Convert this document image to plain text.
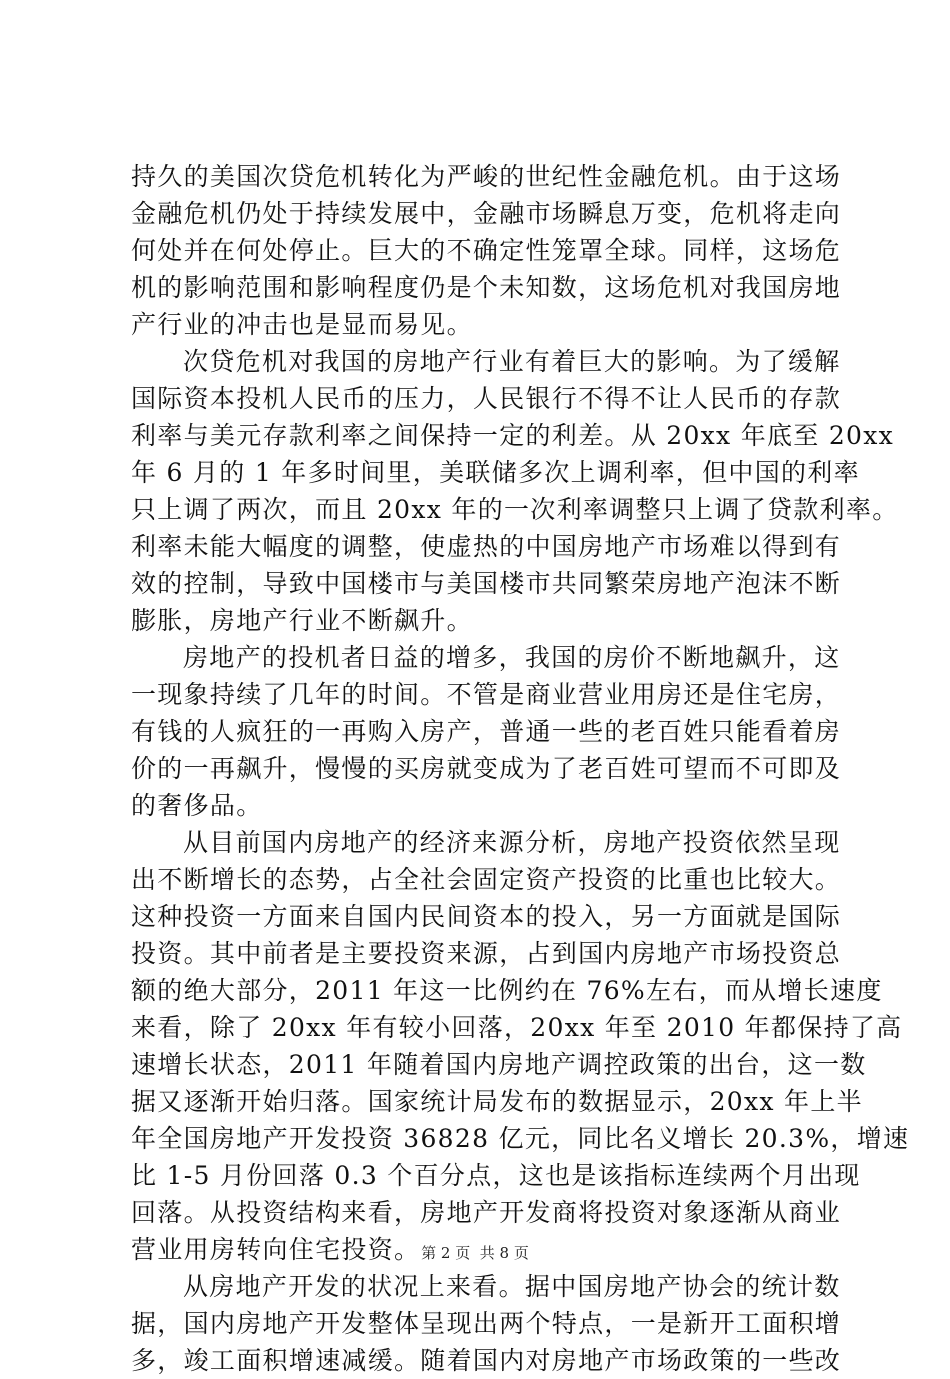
持久的美国次贷危机转化为严峻的世纪性金融危机。由于这场
金融危机仍处于持续发展中，金融市场瞬息万变，危机将走向
何处并在何处停止。巨大的不确定性笼罩全球。同样，这场危
机的影响范围和影响程度仍是个未知数，这场危机对我国房地
产行业的冲击也是显而易见。
次贷危机对我国的房地产行业有着巨大的影响。为了缓解
国际资本投机人民币的压力，人民银行不得不让人民币的存款
利率与美元存款利率之间保持一定的利差。从 20xx 年底至 20xx
年 6 月的 1 年多时间里，美联储多次上调利率，但中国的利率
只上调了两次，而且 20xx 年的一次利率调整只上调了贷款利率。
利率未能大幅度的调整，使虚热的中国房地产市场难以得到有
效的控制，导致中国楼市与美国楼市共同繁荣房地产泡沫不断
膨胀，房地产行业不断飙升。
房地产的投机者日益的增多，我国的房价不断地飙升，这
一现象持续了几年的时间。不管是商业营业用房还是住宅房，
有钱的人疯狂的一再购入房产，普通一些的老百姓只能看着房
价的一再飙升，慢慢的买房就变成为了老百姓可望而不可即及
的奢侈品。
从目前国内房地产的经济来源分析，房地产投资依然呈现
出不断增长的态势，占全社会固定资产投资的比重也比较大。
这种投资一方面来自国内民间资本的投入，另一方面就是国际
投资。其中前者是主要投资来源，占到国内房地产市场投资总
额的绝大部分，2011 年这一比例约在 76%左右，而从增长速度
来看，除了 20xx 年有较小回落，20xx 年至 2010 年都保持了高
速增长状态，2011 年随着国内房地产调控政策的出台，这一数
据又逐渐开始归落。国家统计局发布的数据显示，20xx 年上半
年全国房地产开发投资 36828 亿元，同比名义增长 20.3%，增速
比 1-5 月份回落 0.3 个百分点，这也是该指标连续两个月出现
回落。从投资结构来看，房地产开发商将投资对象逐渐从商业
营业用房转向住宅投资。
从房地产开发的状况上来看。据中国房地产协会的统计数
据，国内房地产开发整体呈现出两个特点，一是新开工面积增
多，竣工面积增速减缓。随着国内对房地产市场政策的一些改
第 2 页  共 8 页
